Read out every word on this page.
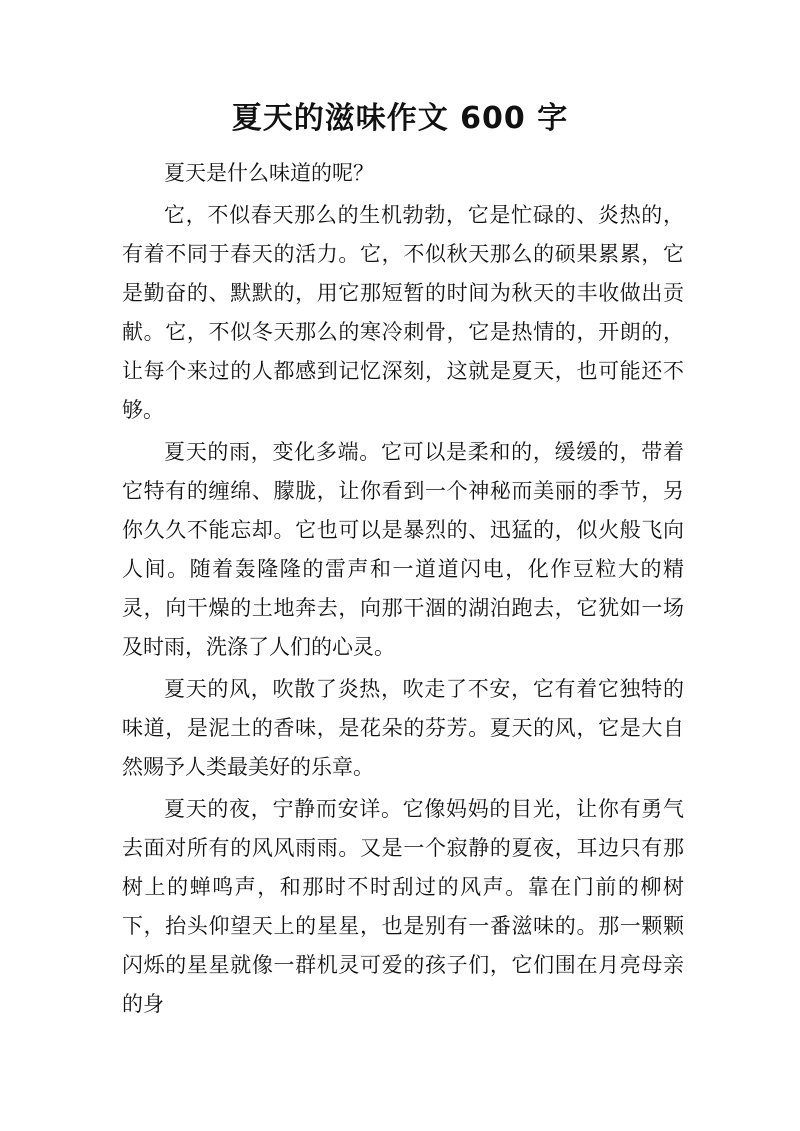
夏天的滋味作文 600 字

夏天是什么味道的呢？

它，不似春天那么的生机勃勃，它是忙碌的、炎热的，有着不同于春天的活力。它，不似秋天那么的硕果累累，它是勤奋的、默默的，用它那短暂的时间为秋天的丰收做出贡献。它，不似冬天那么的寒冷刺骨，它是热情的，开朗的，让每个来过的人都感到记忆深刻，这就是夏天，也可能还不够。

夏天的雨，变化多端。它可以是柔和的，缓缓的，带着它特有的缠绵、朦胧，让你看到一个神秘而美丽的季节，另你久久不能忘却。它也可以是暴烈的、迅猛的，似火般飞向人间。随着轰隆隆的雷声和一道道闪电，化作豆粒大的精灵，向干燥的土地奔去，向那干涸的湖泊跑去，它犹如一场及时雨，洗涤了人们的心灵。

夏天的风，吹散了炎热，吹走了不安，它有着它独特的味道，是泥土的香味，是花朵的芬芳。夏天的风，它是大自然赐予人类最美好的乐章。

夏天的夜，宁静而安详。它像妈妈的目光，让你有勇气去面对所有的风风雨雨。又是一个寂静的夏夜，耳边只有那树上的蝉鸣声，和那时不时刮过的风声。靠在门前的柳树下，抬头仰望天上的星星，也是别有一番滋味的。那一颗颗闪烁的星星就像一群机灵可爱的孩子们，它们围在月亮母亲的身
